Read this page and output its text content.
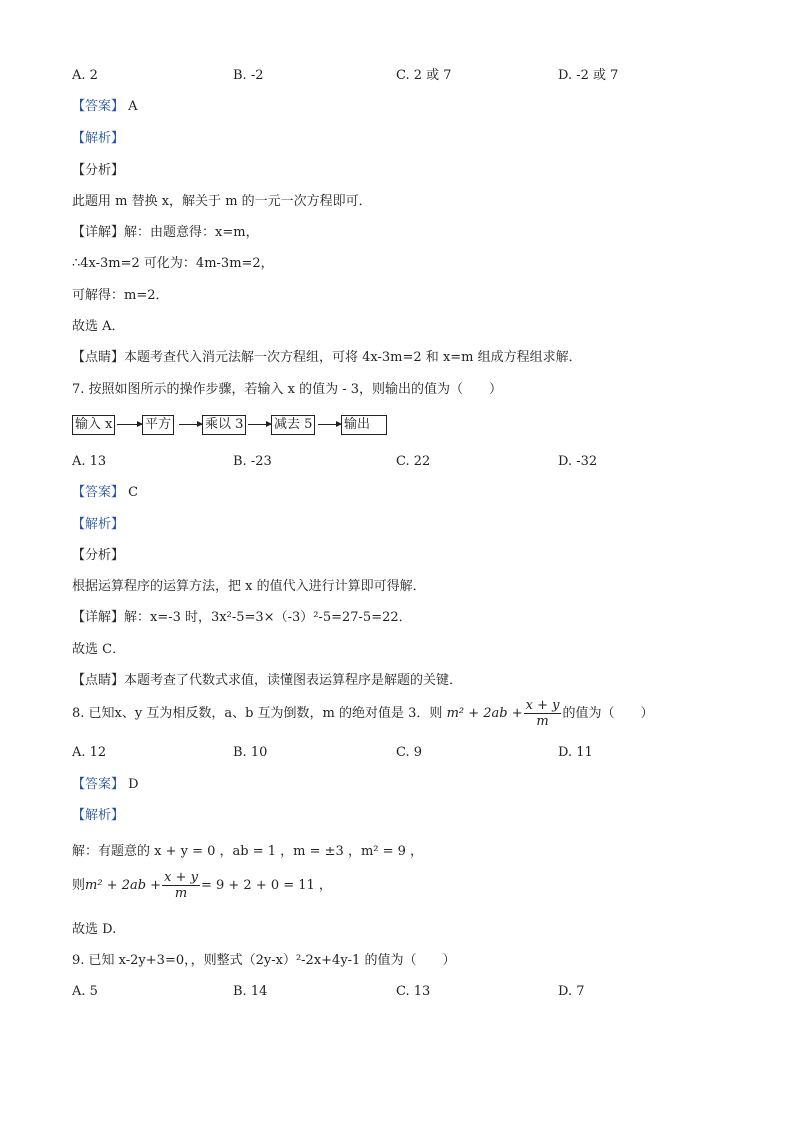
A. 2	B. -2	C. 2 或 7	D. -2 或 7
【答案】 A
【解析】
【分析】
此题用 m 替换 x，解关于 m 的一元一次方程即可．
【详解】解：由题意得：x=m，
∴4x-3m=2 可化为：4m-3m=2，
可解得：m=2．
故选 A．
【点睛】本题考查代入消元法解一次方程组，可将 4x-3m=2 和 x=m 组成方程组求解．
7. 按照如图所示的操作步骤，若输入 x 的值为 - 3，则输出的值为（　　）
输入 x	平方	乘以 3 减去 5 输出
A. 13	B. -23	C. 22	D. -32
【答案】 C
【解析】
【分析】
根据运算程序的运算方法，把 x 的值代入进行计算即可得解．
【详解】解：x=-3 时，3x²-5=3×（-3）²-5=27-5=22．
故选 C．
【点睛】本题考查了代数式求值，读懂图表运算程序是解题的关键．
8. 已知x、y 互为相反数，a、b 互为倒数，m 的绝对值是 3．则 $m^2 + 2ab + \frac{x + y}{m}$ 的值为（　　）
A. 12	B. 10	C. 9	D. 11
【答案】 D
【解析】
解：有题意的 x + y = 0 ，ab = 1 ，m = ±3 ，m² = 9 ，
则$m^2 + 2ab + \frac{x + y}{m} = 9 + 2 + 0 = 11$ ，
故选 D.
9. 已知 x-2y+3=0，，则整式（2y-x）²-2x+4y-1 的值为（　　）
A. 5	B. 14	C. 13	D. 7
